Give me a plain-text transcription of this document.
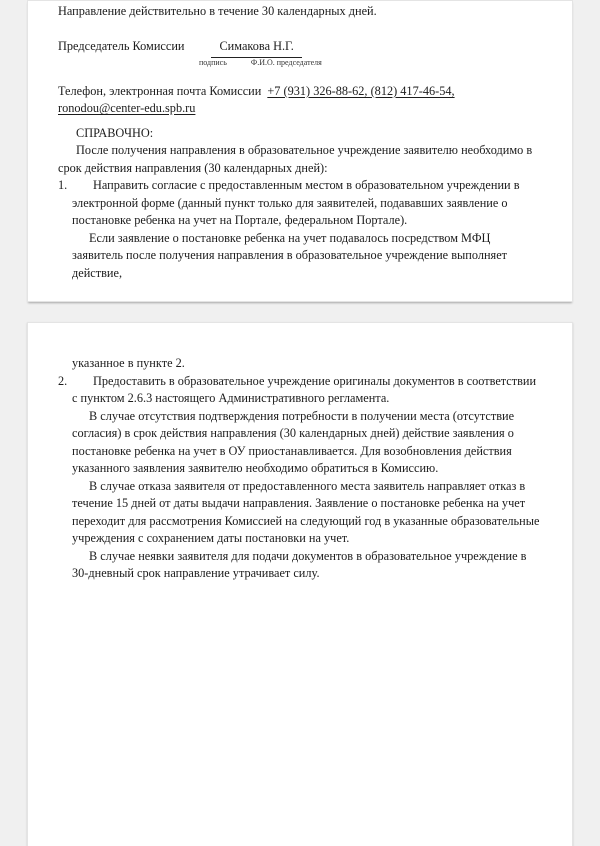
Направление действительно в течение 30 календарных дней.

Председатель Комиссии	Симакова Н.Г.
подпись	Ф.И.О. председателя

Телефон, электронная почта Комиссии +7 (931) 326-88-62, (812) 417-46-54, ronodou@center-edu.spb.ru

СПРАВОЧНО:

После получения направления в образовательное учреждение заявителю необходимо в срок действия направления (30 календарных дней):

1.	Направить согласие с предоставленным местом в образовательном учреждении в электронной форме (данный пункт только для заявителей, подававших заявление о постановке ребенка на учет на Портале, федеральном Портале).

Если заявление о постановке ребенка на учет подавалось посредством МФЦ заявитель после получения направления в образовательное учреждение выполняет действие,

указанное в пункте 2.

2.	Предоставить в образовательное учреждение оригиналы документов в соответствии с пунктом 2.6.3 настоящего Административного регламента.

В случае отсутствия подтверждения потребности в получении места (отсутствие согласия) в срок действия направления (30 календарных дней) действие заявления о постановке ребенка на учет в ОУ приостанавливается. Для возобновления действия указанного заявления заявителю необходимо обратиться в Комиссию.

В случае отказа заявителя от предоставленного места заявитель направляет отказ в течение 15 дней от даты выдачи направления. Заявление о постановке ребенка на учет переходит для рассмотрения Комиссией на следующий год в указанные образовательные учреждения с сохранением даты постановки на учет.

В случае неявки заявителя для подачи документов в образовательное учреждение в 30-дневный срок направление утрачивает силу.
